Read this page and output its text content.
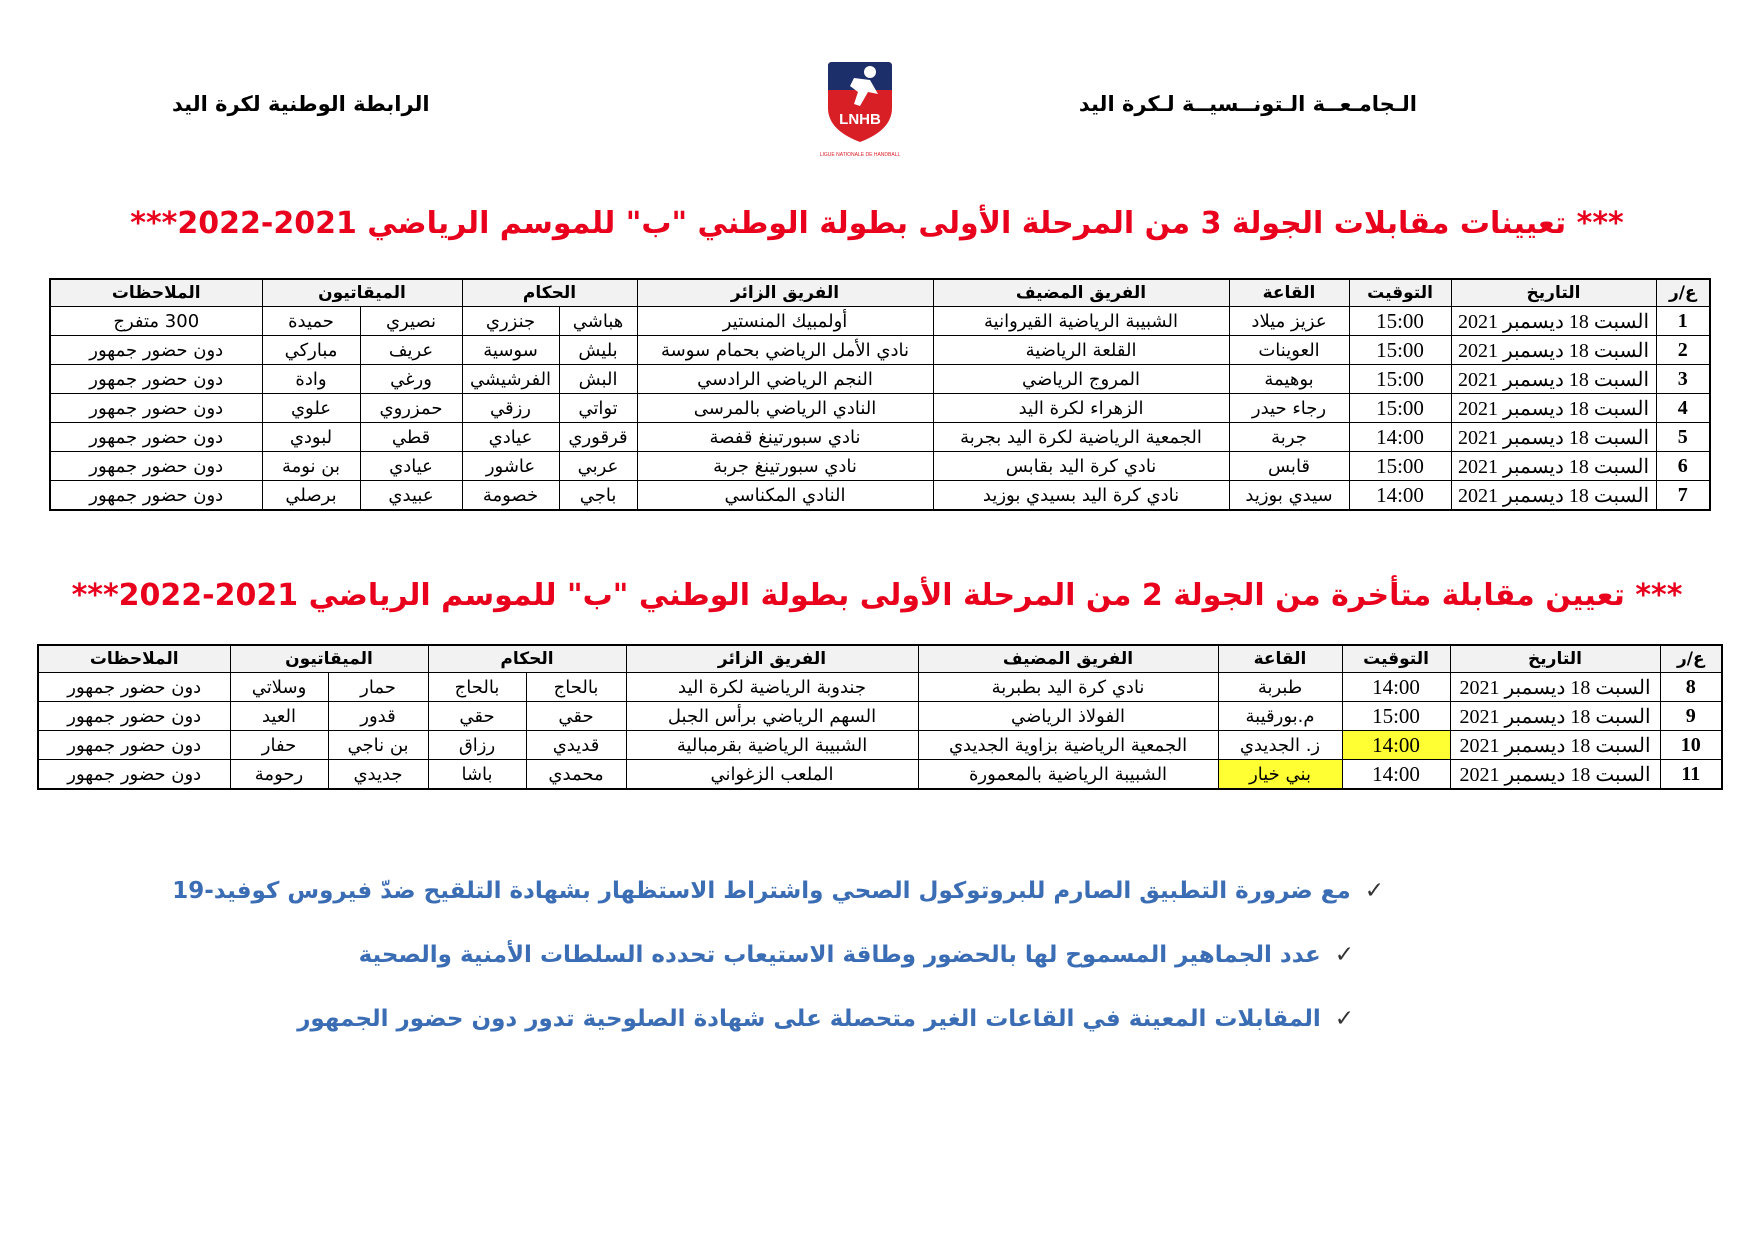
الـجامـعــة الـتونــسيــة لـكرة اليد
الرابطة الوطنية لكرة اليد
LNHB
LIGUE NATIONALE DE HANDBALL
*** تعيينات مقابلات الجولة 3 من المرحلة الأولى بطولة الوطني "ب" للموسم الرياضي 2021-2022***
ع/ر	التاريخ	التوقيت	القاعة	الفريق المضيف	الفريق الزائر	الحكام		الميقاتيون		الملاحظات
1	السبت 18 ديسمبر 2021	15:00	عزيز ميلاد	الشبيبة الرياضية القيروانية	أولمبيك المنستير	هباشي	جنزري	نصيري	حميدة	300 متفرج
2	السبت 18 ديسمبر 2021	15:00	العوينات	القلعة الرياضية	نادي الأمل الرياضي بحمام سوسة	بليش	سوسية	عريف	مباركي	دون حضور جمهور
3	السبت 18 ديسمبر 2021	15:00	بوهيمة	المروج الرياضي	النجم الرياضي الرادسي	البش	الفرشيشي	ورغي	وادة	دون حضور جمهور
4	السبت 18 ديسمبر 2021	15:00	رجاء حيدر	الزهراء لكرة اليد	النادي الرياضي بالمرسى	تواتي	رزقي	حمزروي	علوي	دون حضور جمهور
5	السبت 18 ديسمبر 2021	14:00	جربة	الجمعية الرياضية لكرة اليد بجربة	نادي سبورتينغ قفصة	قرقوري	عيادي	قطي	لبودي	دون حضور جمهور
6	السبت 18 ديسمبر 2021	15:00	قابس	نادي كرة اليد بقابس	نادي سبورتينغ جربة	عربي	عاشور	عيادي	بن نومة	دون حضور جمهور
7	السبت 18 ديسمبر 2021	14:00	سيدي بوزيد	نادي كرة اليد بسيدي بوزيد	النادي المكناسي	باجي	خصومة	عبيدي	برصلي	دون حضور جمهور
*** تعيين مقابلة متأخرة من الجولة 2 من المرحلة الأولى بطولة الوطني "ب" للموسم الرياضي 2021-2022***
ع/ر	التاريخ	التوقيت	القاعة	الفريق المضيف	الفريق الزائر	الحكام		الميقاتيون		الملاحظات
8	السبت 18 ديسمبر 2021	14:00	طبربة	نادي كرة اليد بطبربة	جندوبة الرياضية لكرة اليد	بالحاج	بالحاج	حمار	وسلاتي	دون حضور جمهور
9	السبت 18 ديسمبر 2021	15:00	م.بورقيبة	الفولاذ الرياضي	السهم الرياضي برأس الجبل	حقي	حقي	قدور	العيد	دون حضور جمهور
10	السبت 18 ديسمبر 2021	14:00	ز. الجديدي	الجمعية الرياضية بزاوية الجديدي	الشبيبة الرياضية بقرمبالية	قديدي	رزاق	بن ناجي	حفار	دون حضور جمهور
11	السبت 18 ديسمبر 2021	14:00	بني خيار	الشبيبة الرياضية بالمعمورة	الملعب الزغواني	محمدي	باشا	جديدي	رحومة	دون حضور جمهور
✓مع ضرورة التطبيق الصارم للبروتوكول الصحي واشتراط الاستظهار بشهادة التلقيح ضدّ فيروس كوفيد-19
✓عدد الجماهير المسموح لها بالحضور وطاقة الاستيعاب تحدده السلطات الأمنية والصحية
✓المقابلات المعينة في القاعات الغير متحصلة على شهادة الصلوحية تدور دون حضور الجمهور
